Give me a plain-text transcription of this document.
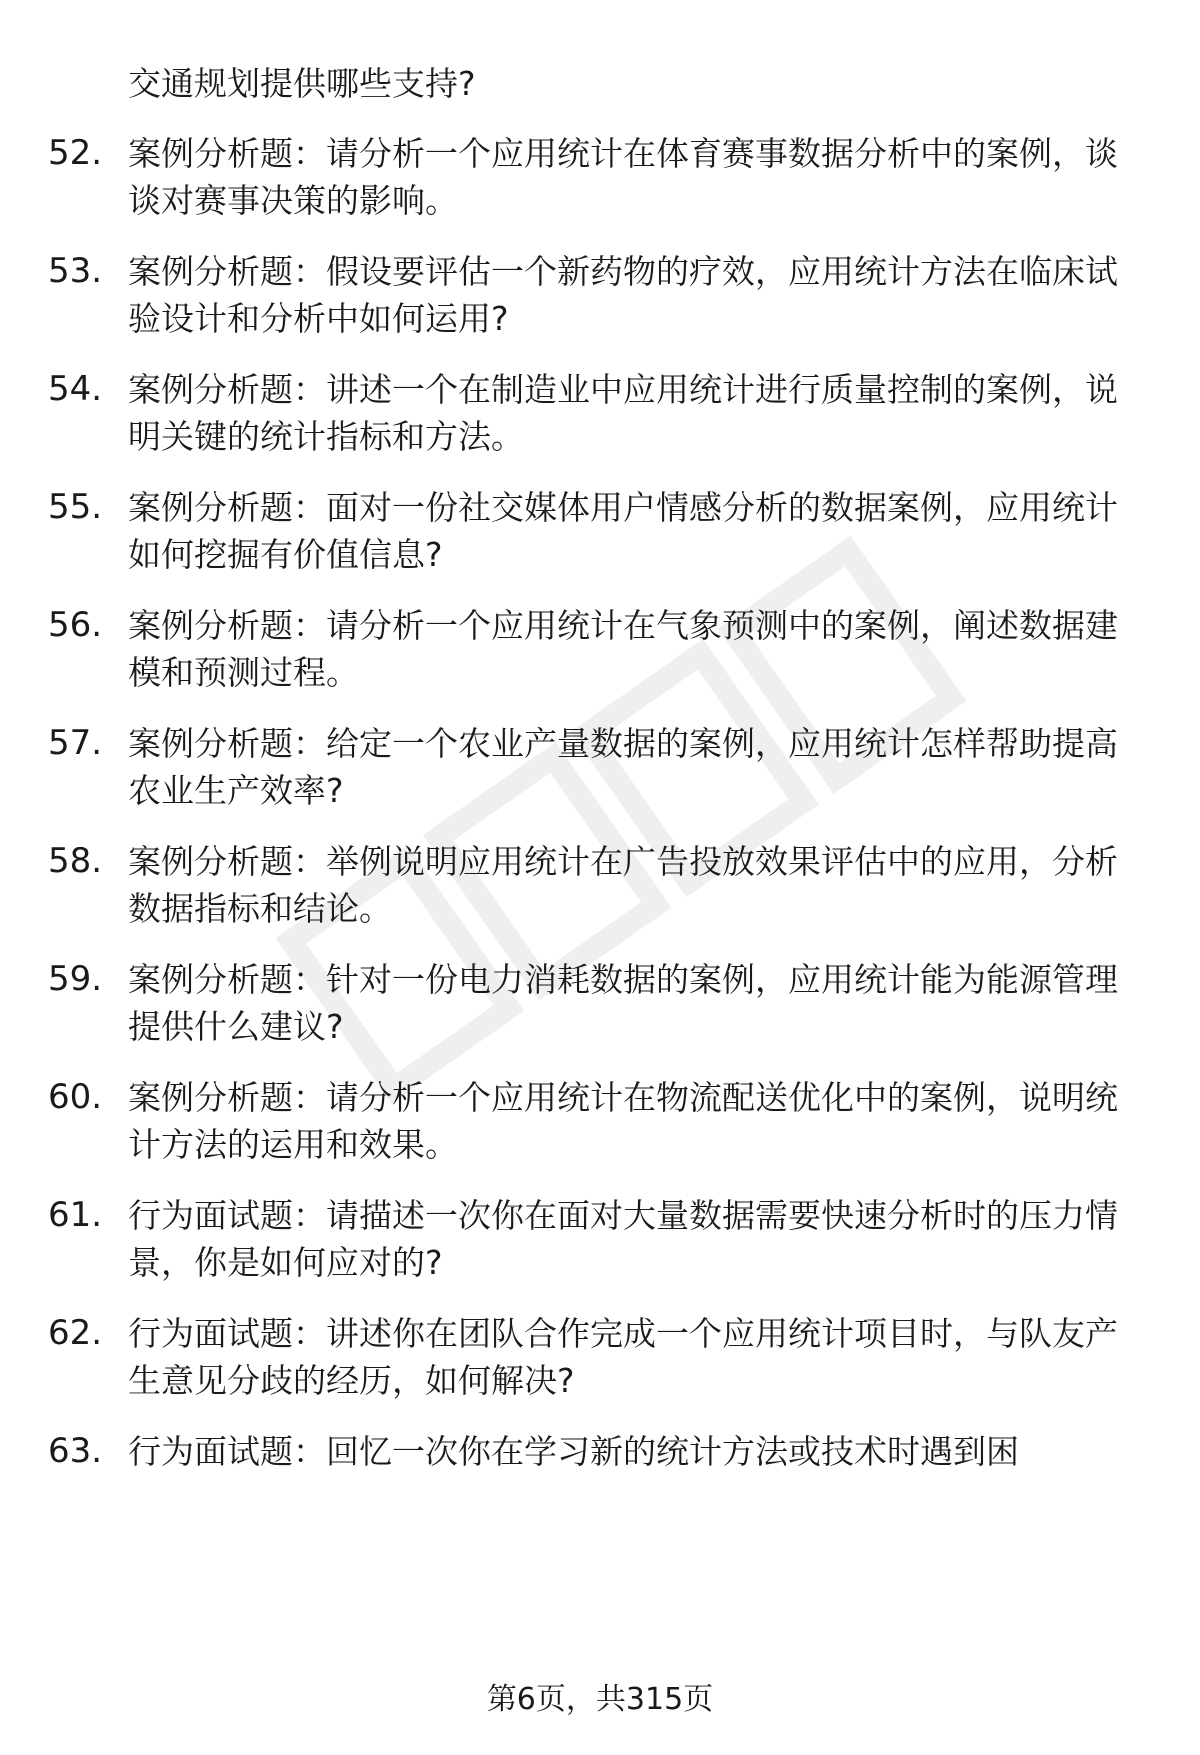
交通规划提供哪些支持?
52. 案例分析题：请分析一个应用统计在体育赛事数据分析中的案例，谈谈对赛事决策的影响。
53. 案例分析题：假设要评估一个新药物的疗效，应用统计方法在临床试验设计和分析中如何运用?
54. 案例分析题：讲述一个在制造业中应用统计进行质量控制的案例，说明关键的统计指标和方法。
55. 案例分析题：面对一份社交媒体用户情感分析的数据案例，应用统计如何挖掘有价值信息?
56. 案例分析题：请分析一个应用统计在气象预测中的案例，阐述数据建模和预测过程。
57. 案例分析题：给定一个农业产量数据的案例，应用统计怎样帮助提高农业生产效率?
58. 案例分析题：举例说明应用统计在广告投放效果评估中的应用，分析数据指标和结论。
59. 案例分析题：针对一份电力消耗数据的案例，应用统计能为能源管理提供什么建议?
60. 案例分析题：请分析一个应用统计在物流配送优化中的案例，说明统计方法的运用和效果。
61. 行为面试题：请描述一次你在面对大量数据需要快速分析时的压力情景，你是如何应对的?
62. 行为面试题：讲述你在团队合作完成一个应用统计项目时，与队友产生意见分歧的经历，如何解决?
63. 行为面试题：回忆一次你在学习新的统计方法或技术时遇到困
第6页，共315页
